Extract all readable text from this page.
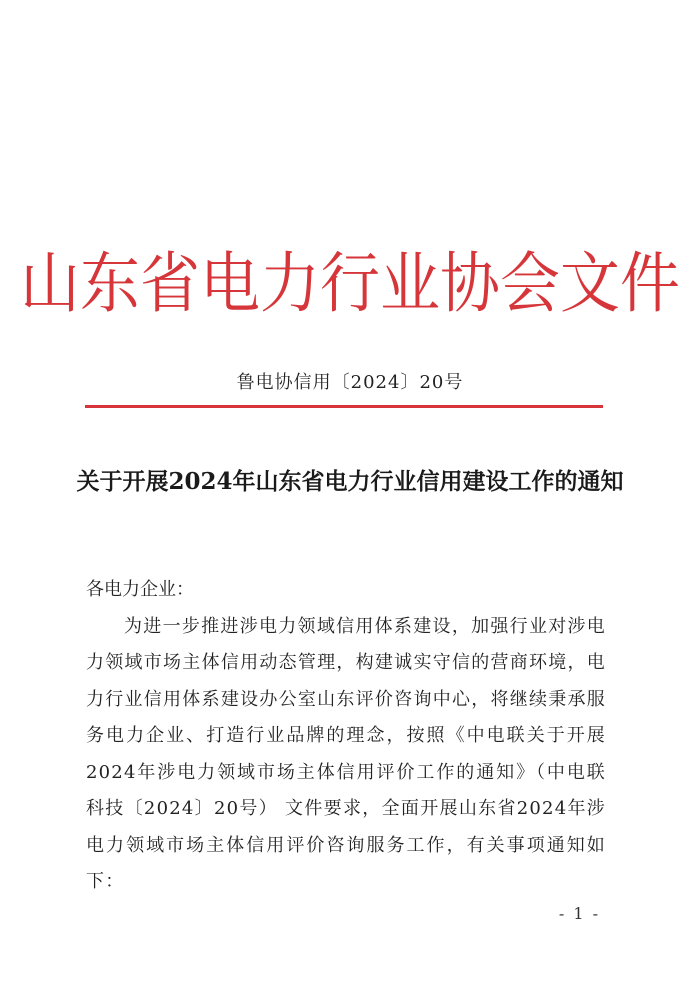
山东省电力行业协会文件
鲁电协信用〔2024〕20号
关于开展2024年山东省电力行业信用建设工作的通知

各电力企业：

为进一步推进涉电力领域信用体系建设，加强行业对涉电力领域市场主体信用动态管理，构建诚实守信的营商环境，电力行业信用体系建设办公室山东评价咨询中心，将继续秉承服务电力企业、打造行业品牌的理念，按照《中电联关于开展2024年涉电力领域市场主体信用评价工作的通知》（中电联科技〔2024〕20号） 文件要求，全面开展山东省2024年涉电力领域市场主体信用评价咨询服务工作，有关事项通知如下：

- 1 -
